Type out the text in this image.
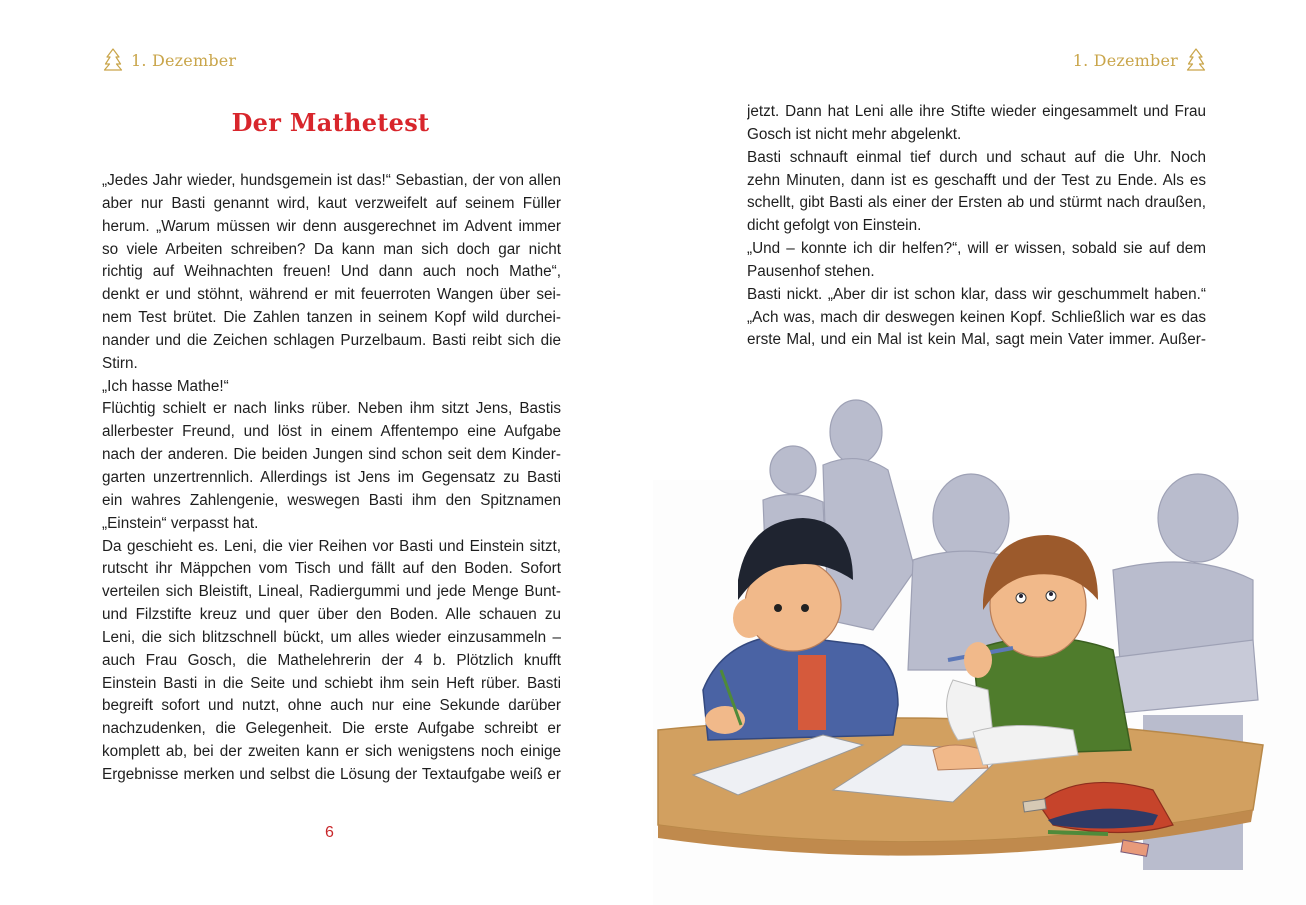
1. Dezember
Der Mathetest
„Jedes Jahr wieder, hundsgemein ist das!“ Sebastian, der von allen
aber nur Basti genannt wird, kaut verzweifelt auf seinem Füller
herum. „Warum müssen wir denn ausgerechnet im Advent immer
so viele Arbeiten schreiben? Da kann man sich doch gar nicht
richtig auf Weihnachten freuen! Und dann auch noch Mathe“,
denkt er und stöhnt, während er mit feuerroten Wangen über sei-
nem Test brütet. Die Zahlen tanzen in seinem Kopf wild durchei-
nander und die Zeichen schlagen Purzelbaum. Basti reibt sich die
Stirn.
„Ich hasse Mathe!“
Flüchtig schielt er nach links rüber. Neben ihm sitzt Jens, Bastis
allerbester Freund, und löst in einem Affentempo eine Aufgabe
nach der anderen. Die beiden Jungen sind schon seit dem Kinder-
garten unzertrennlich. Allerdings ist Jens im Gegensatz zu Basti
ein wahres Zahlengenie, weswegen Basti ihm den Spitznamen
„Einstein“ verpasst hat.
Da geschieht es. Leni, die vier Reihen vor Basti und Einstein sitzt,
rutscht ihr Mäppchen vom Tisch und fällt auf den Boden. Sofort
verteilen sich Bleistift, Lineal, Radiergummi und jede Menge Bunt-
und Filzstifte kreuz und quer über den Boden. Alle schauen zu
Leni, die sich blitzschnell bückt, um alles wieder einzusammeln –
auch Frau Gosch, die Mathelehrerin der 4 b. Plötzlich knufft
Einstein Basti in die Seite und schiebt ihm sein Heft rüber. Basti
begreift sofort und nutzt, ohne auch nur eine Sekunde darüber
nachzudenken, die Gelegenheit. Die erste Aufgabe schreibt er
komplett ab, bei der zweiten kann er sich wenigstens noch einige
Ergebnisse merken und selbst die Lösung der Textaufgabe weiß er
6
1. Dezember
jetzt. Dann hat Leni alle ihre Stifte wieder eingesammelt und Frau
Gosch ist nicht mehr abgelenkt.
Basti schnauft einmal tief durch und schaut auf die Uhr. Noch
zehn Minuten, dann ist es geschafft und der Test zu Ende. Als es
schellt, gibt Basti als einer der Ersten ab und stürmt nach draußen,
dicht gefolgt von Einstein.
„Und – konnte ich dir helfen?“, will er wissen, sobald sie auf dem
Pausenhof stehen.
Basti nickt. „Aber dir ist schon klar, dass wir geschummelt haben.“
„Ach was, mach dir deswegen keinen Kopf. Schließlich war es das
erste Mal, und ein Mal ist kein Mal, sagt mein Vater immer. Außer-
